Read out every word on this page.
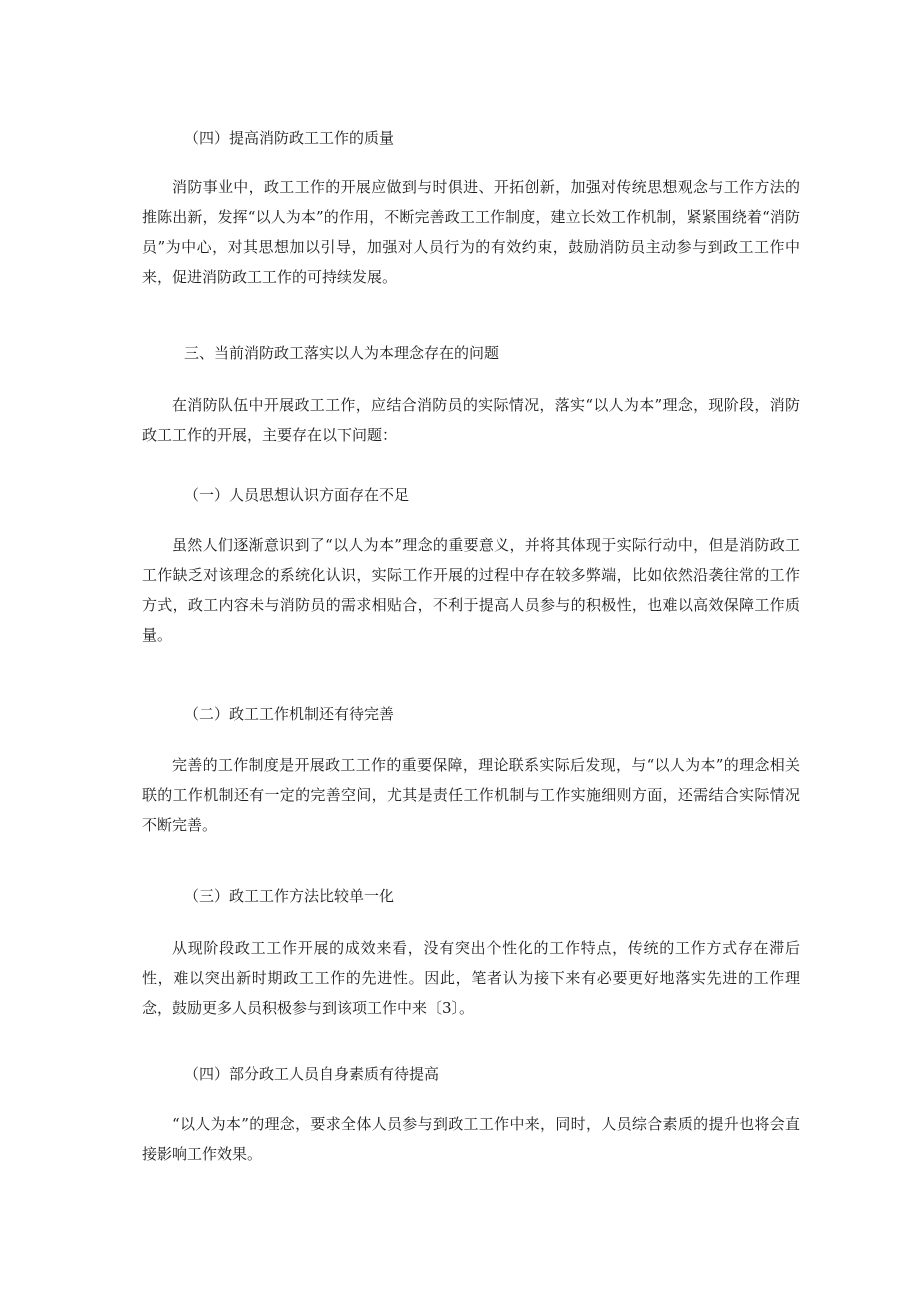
（四）提高消防政工工作的质量

消防事业中，政工工作的开展应做到与时俱进、开拓创新，加强对传统思想观念与工作方法的推陈出新，发挥“以人为本”的作用，不断完善政工工作制度，建立长效工作机制，紧紧围绕着“消防员”为中心，对其思想加以引导，加强对人员行为的有效约束，鼓励消防员主动参与到政工工作中来，促进消防政工工作的可持续发展。

三、当前消防政工落实以人为本理念存在的问题

在消防队伍中开展政工工作，应结合消防员的实际情况，落实“以人为本”理念，现阶段，消防政工工作的开展，主要存在以下问题：

（一）人员思想认识方面存在不足

虽然人们逐渐意识到了“以人为本”理念的重要意义，并将其体现于实际行动中，但是消防政工工作缺乏对该理念的系统化认识，实际工作开展的过程中存在较多弊端，比如依然沿袭往常的工作方式，政工内容未与消防员的需求相贴合，不利于提高人员参与的积极性，也难以高效保障工作质量。

（二）政工工作机制还有待完善

完善的工作制度是开展政工工作的重要保障，理论联系实际后发现，与“以人为本”的理念相关联的工作机制还有一定的完善空间，尤其是责任工作机制与工作实施细则方面，还需结合实际情况不断完善。

（三）政工工作方法比较单一化

从现阶段政工工作开展的成效来看，没有突出个性化的工作特点，传统的工作方式存在滞后性，难以突出新时期政工工作的先进性。因此，笔者认为接下来有必要更好地落实先进的工作理念，鼓励更多人员积极参与到该项工作中来〔3〕。

（四）部分政工人员自身素质有待提高

“以人为本”的理念，要求全体人员参与到政工工作中来，同时，人员综合素质的提升也将会直接影响工作效果。
